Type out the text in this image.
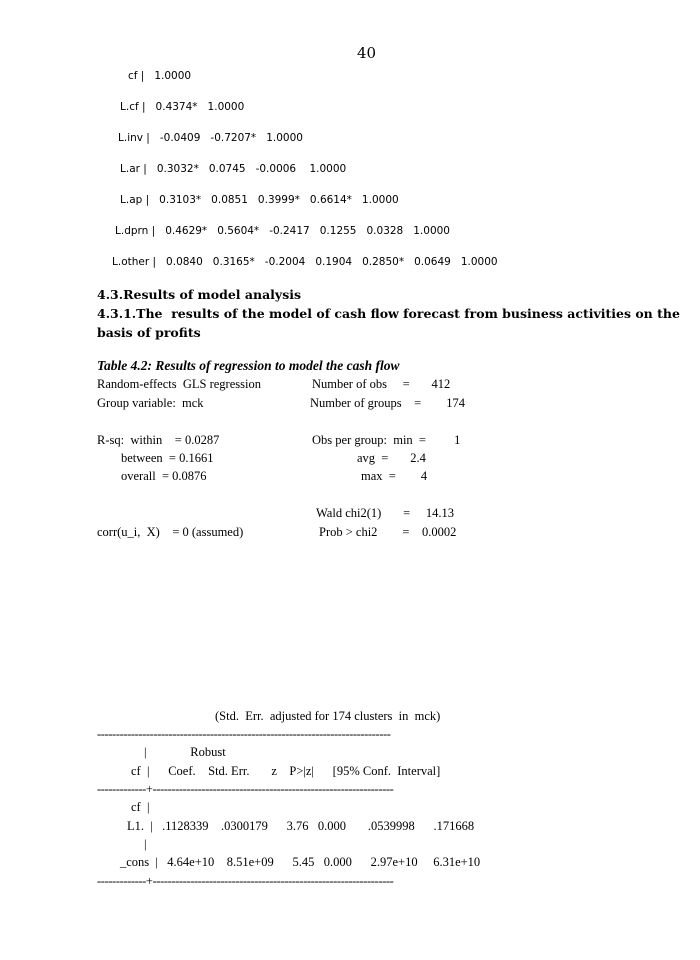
40
cf |   1.0000
L.cf |   0.4374*   1.0000
L.inv |   -0.0409   -0.7207*   1.0000
L.ar |   0.3032*   0.0745   -0.0006    1.0000
L.ap |   0.3103*   0.0851   0.3999*   0.6614*   1.0000
L.dprn |   0.4629*   0.5604*   -0.2417   0.1255   0.0328   1.0000
L.other |   0.0840   0.3165*   -0.2004   0.1904   0.2850*   0.0649   1.0000
4.3.Results of model analysis
4.3.1.The  results of the model of cash flow forecast from business activities on the
basis of profits
Table 4.2: Results of regression to model the cash flow
Random-effects  GLS regression	Number of obs     =       412
Group variable:  mck	Number of groups    =        174
R-sq:  within    = 0.0287	Obs per group:  min  =         1
between  = 0.1661	avg  =       2.4
overall  = 0.0876	max  =        4
Wald chi2(1)       =     14.13
corr(u_i,  X)    = 0 (assumed)	Prob > chi2        =    0.0002
(Std.  Err.  adjusted for 174 clusters  in  mck)
------------------------------------------------------------------------------
|              Robust
cf  |      Coef.    Std. Err.       z    P>|z|      [95% Conf.  Interval]
-------------+----------------------------------------------------------------
cf  |
L1.  |   .1128339    .0300179      3.76   0.000       .0539998      .171668
|
_cons  |   4.64e+10    8.51e+09      5.45   0.000      2.97e+10     6.31e+10
-------------+----------------------------------------------------------------
